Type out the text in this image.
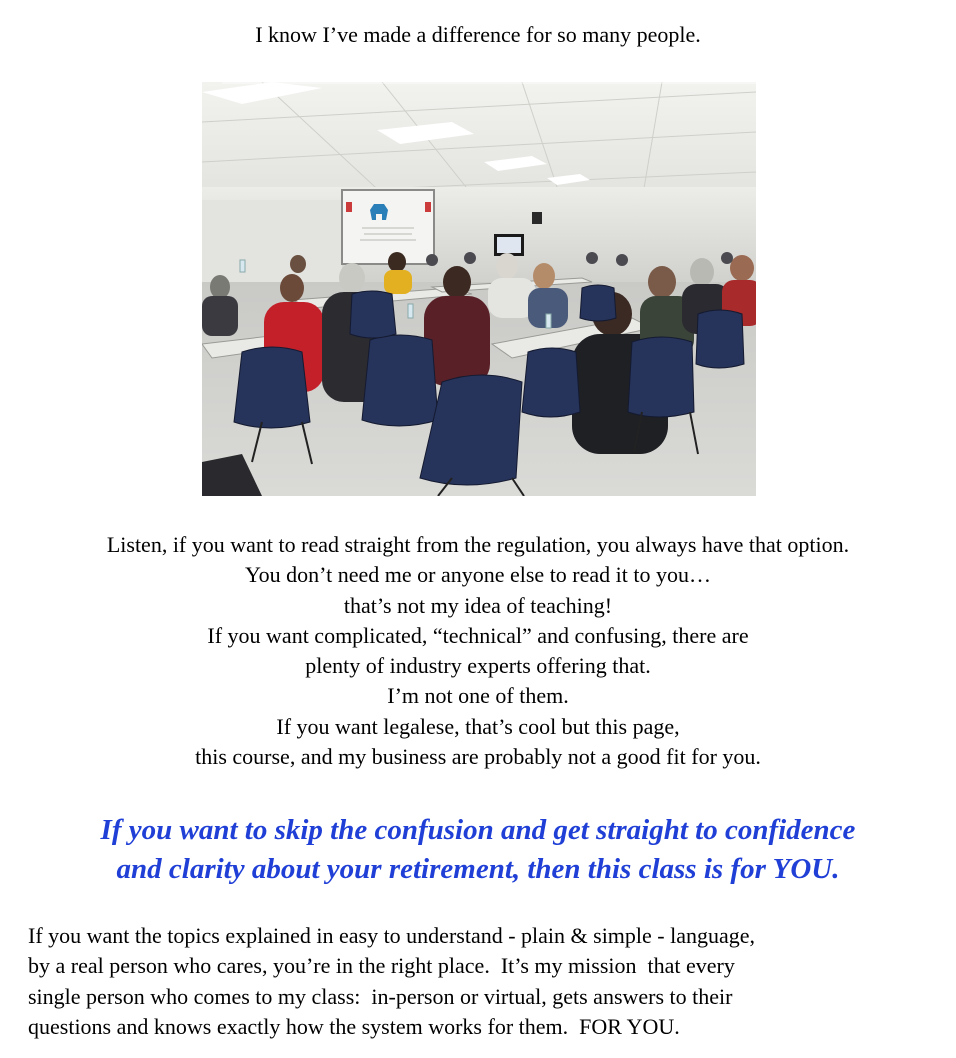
I know I’ve made a difference for so many people.
Listen, if you want to read straight from the regulation, you always have that option.
You don’t need me or anyone else to read it to you…
that’s not my idea of teaching!
If you want complicated, “technical” and confusing, there are
plenty of industry experts offering that.
I’m not one of them.
If you want legalese, that’s cool but this page,
this course, and my business are probably not a good fit for you.
If you want to skip the confusion and get straight to confidence
and clarity about your retirement, then this class is for YOU.
If you want the topics explained in easy to understand - plain & simple - language,
by a real person who cares, you’re in the right place.  It’s my mission  that every
single person who comes to my class:  in-person or virtual, gets answers to their
questions and knows exactly how the system works for them.  FOR YOU.
